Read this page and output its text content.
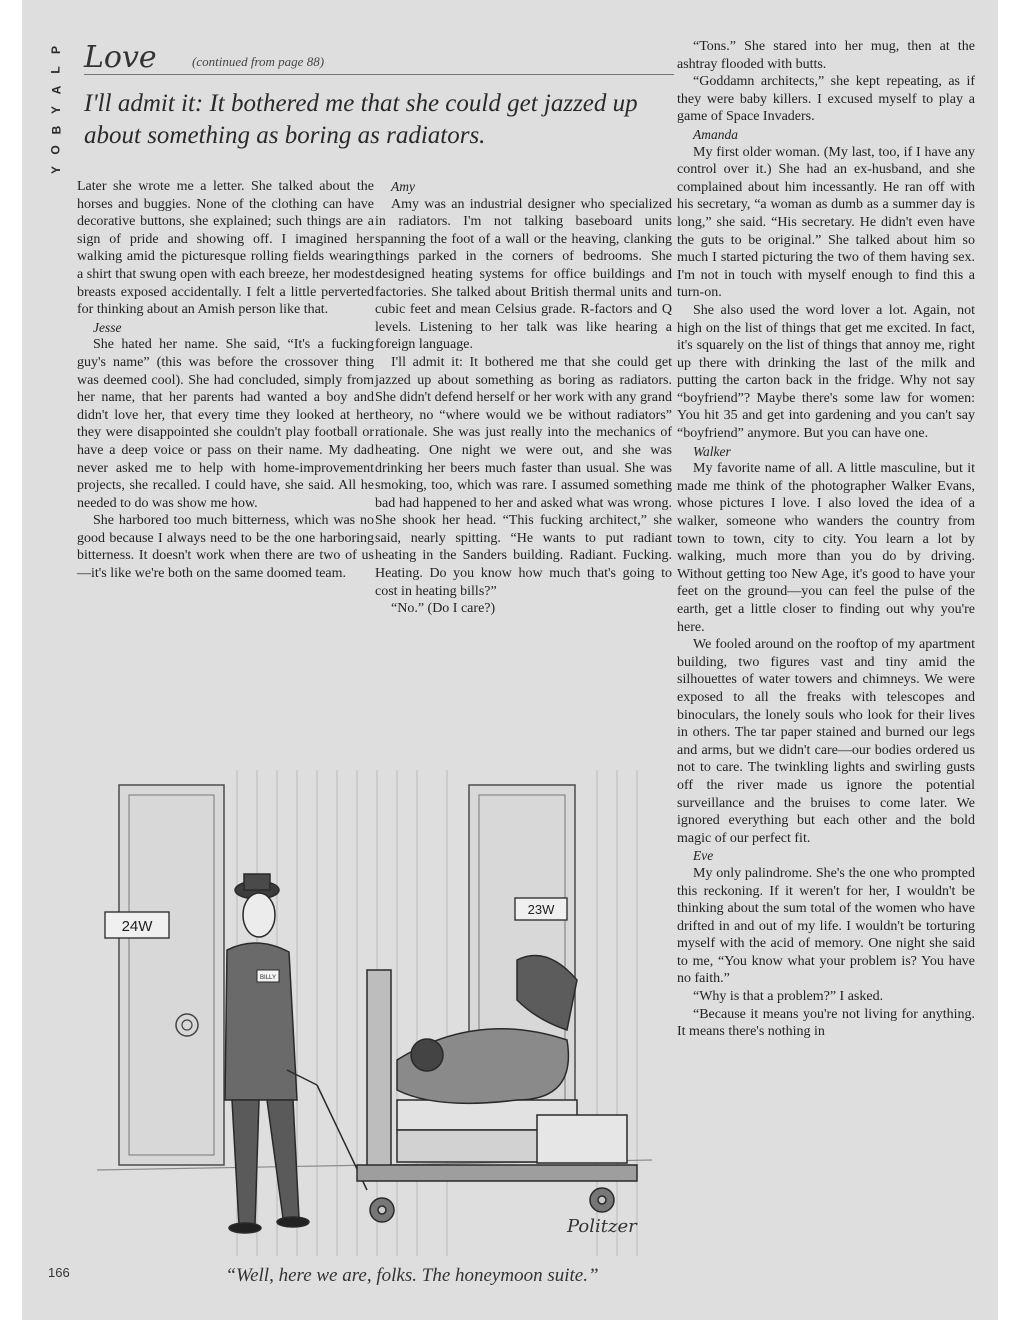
P
L
A
Y
B
O
Y
Love	(continued from page 88)
I'll admit it: It bothered me that she could get jazzed up about something as boring as radiators.

Later she wrote me a letter. She talked about the horses and buggies. None of the clothing can have decorative buttons, she explained; such things are a sign of pride and showing off. I imagined her walking amid the picturesque rolling fields wearing a shirt that swung open with each breeze, her modest breasts exposed accidentally. I felt a little perverted for thinking about an Amish person like that.

Jesse

She hated her name. She said, “It's a fucking guy's name” (this was before the crossover thing was deemed cool). She had concluded, simply from her name, that her parents had wanted a boy and didn't love her, that every time they looked at her they were disappointed she couldn't play football or have a deep voice or pass on their name. My dad never asked me to help with home-improvement projects, she recalled. I could have, she said. All he needed to do was show me how.

She harbored too much bitterness, which was no good because I always need to be the one harboring bitterness. It doesn't work when there are two of us—it's like we're both on the same doomed team.

Amy

Amy was an industrial designer who specialized in radiators. I'm not talking baseboard units spanning the foot of a wall or the heaving, clanking things parked in the corners of bedrooms. She designed heating systems for office buildings and factories. She talked about British thermal units and cubic feet and mean Celsius grade. R-factors and Q levels. Listening to her talk was like hearing a foreign language.

I'll admit it: It bothered me that she could get jazzed up about something as boring as radiators. She didn't defend herself or her work with any grand theory, no “where would we be without radiators” rationale. She was just really into the mechanics of heating. One night we were out, and she was drinking her beers much faster than usual. She was smoking, too, which was rare. I assumed something bad had happened to her and asked what was wrong. She shook her head. “This fucking architect,” she said, nearly spitting. “He wants to put radiant heating in the Sanders building. Radiant. Fucking. Heating. Do you know how much that's going to cost in heating bills?”

“No.” (Do I care?)

“Tons.” She stared into her mug, then at the ashtray flooded with butts.

“Goddamn architects,” she kept repeating, as if they were baby killers. I excused myself to play a game of Space Invaders.

Amanda

My first older woman. (My last, too, if I have any control over it.) She had an ex-husband, and she complained about him incessantly. He ran off with his secretary, “a woman as dumb as a summer day is long,” she said. “His secretary. He didn't even have the guts to be original.” She talked about him so much I started picturing the two of them having sex. I'm not in touch with myself enough to find this a turn-on.

She also used the word lover a lot. Again, not high on the list of things that get me excited. In fact, it's squarely on the list of things that annoy me, right up there with drinking the last of the milk and putting the carton back in the fridge. Why not say “boyfriend”? Maybe there's some law for women: You hit 35 and get into gardening and you can't say “boyfriend” anymore. But you can have one.

Walker

My favorite name of all. A little masculine, but it made me think of the photographer Walker Evans, whose pictures I love. I also loved the idea of a walker, someone who wanders the country from town to town, city to city. You learn a lot by walking, much more than you do by driving. Without getting too New Age, it's good to have your feet on the ground—you can feel the pulse of the earth, get a little closer to finding out why you're here.

We fooled around on the rooftop of my apartment building, two figures vast and tiny amid the silhouettes of water towers and chimneys. We were exposed to all the freaks with telescopes and binoculars, the lonely souls who look for their lives in others. The tar paper stained and burned our legs and arms, but we didn't care—our bodies ordered us not to care. The twinkling lights and swirling gusts off the river made us ignore the potential surveillance and the bruises to come later. We ignored everything but each other and the bold magic of our perfect fit.

Eve

My only palindrome. She's the one who prompted this reckoning. If it weren't for her, I wouldn't be thinking about the sum total of the women who have drifted in and out of my life. I wouldn't be torturing myself with the acid of memory. One night she said to me, “You know what your problem is? You have no faith.”

“Why is that a problem?” I asked.

“Because it means you're not living for anything. It means there's nothing in

24W
23W
BILLY
Politzer
“Well, here we are, folks. The honeymoon suite.”
166
